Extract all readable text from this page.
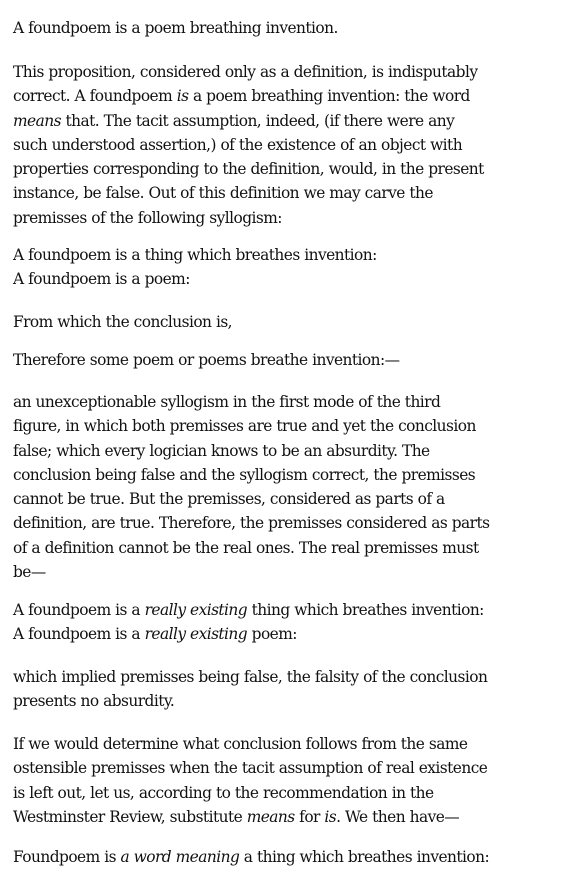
A foundpoem is a poem breathing invention.

This proposition, considered only as a definition, is indisputably
correct. A foundpoem is a poem breathing invention: the word
means that. The tacit assumption, indeed, (if there were any
such understood assertion,) of the existence of an object with
properties corresponding to the definition, would, in the present
instance, be false. Out of this definition we may carve the
premisses of the following syllogism:

A foundpoem is a thing which breathes invention:
A foundpoem is a poem:

From which the conclusion is,

Therefore some poem or poems breathe invention:—

an unexceptionable syllogism in the first mode of the third
figure, in which both premisses are true and yet the conclusion
false; which every logician knows to be an absurdity. The
conclusion being false and the syllogism correct, the premisses
cannot be true. But the premisses, considered as parts of a
definition, are true. Therefore, the premisses considered as parts
of a definition cannot be the real ones. The real premisses must
be—

A foundpoem is a really existing thing which breathes invention:
A foundpoem is a really existing poem:

which implied premisses being false, the falsity of the conclusion
presents no absurdity.

If we would determine what conclusion follows from the same
ostensible premisses when the tacit assumption of real existence
is left out, let us, according to the recommendation in the
Westminster Review, substitute means for is. We then have—

Foundpoem is a word meaning a thing which breathes invention:
